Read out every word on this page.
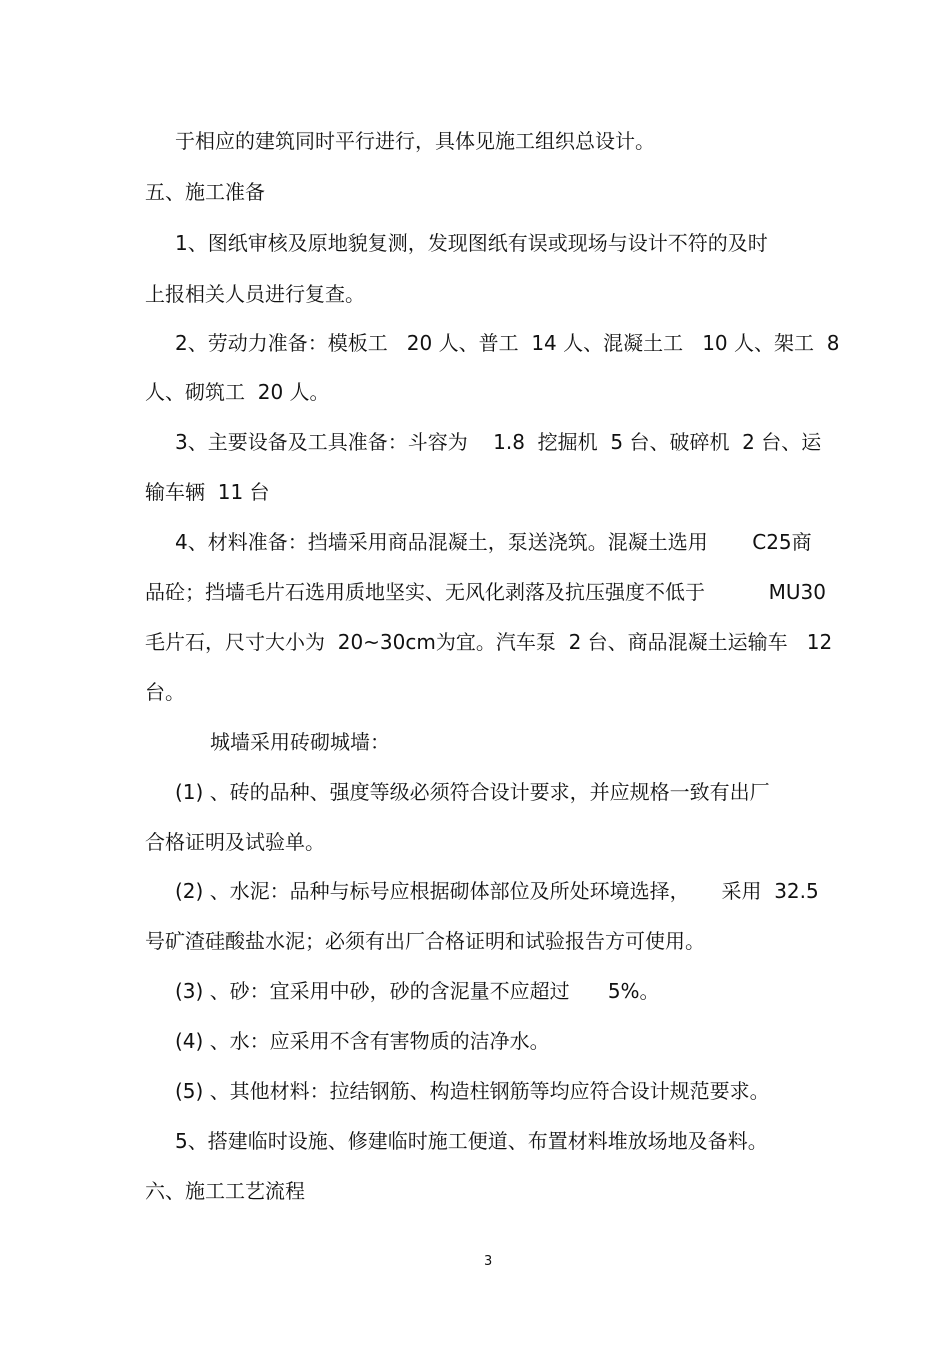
于相应的建筑同时平行进行，具体见施工组织总设计。
五、施工准备
1、图纸审核及原地貌复测，发现图纸有误或现场与设计不符的及时
上报相关人员进行复查。
2、劳动力准备：模板工   20 人、普工  14 人、混凝土工   10 人、架工  8
人、砌筑工  20 人。
3、主要设备及工具准备：斗容为    1.8  挖掘机  5 台、破碎机  2 台、运
输车辆  11 台
4、材料准备：挡墙采用商品混凝土，泵送浇筑。混凝土选用       C25商
品砼；挡墙毛片石选用质地坚实、无风化剥落及抗压强度不低于          MU30
毛片石，尺寸大小为  20~30cm为宜。汽车泵  2 台、商品混凝土运输车   12
台。
城墙采用砖砌城墙：
(1) 、砖的品种、强度等级必须符合设计要求，并应规格一致有出厂
合格证明及试验单。
(2) 、水泥：品种与标号应根据砌体部位及所处环境选择，     采用  32.5
号矿渣硅酸盐水泥；必须有出厂合格证明和试验报告方可使用。
(3) 、砂：宜采用中砂，砂的含泥量不应超过      5%。
(4) 、水：应采用不含有害物质的洁净水。
(5) 、其他材料：拉结钢筋、构造柱钢筋等均应符合设计规范要求。
5、搭建临时设施、修建临时施工便道、布置材料堆放场地及备料。
六、施工工艺流程
3
